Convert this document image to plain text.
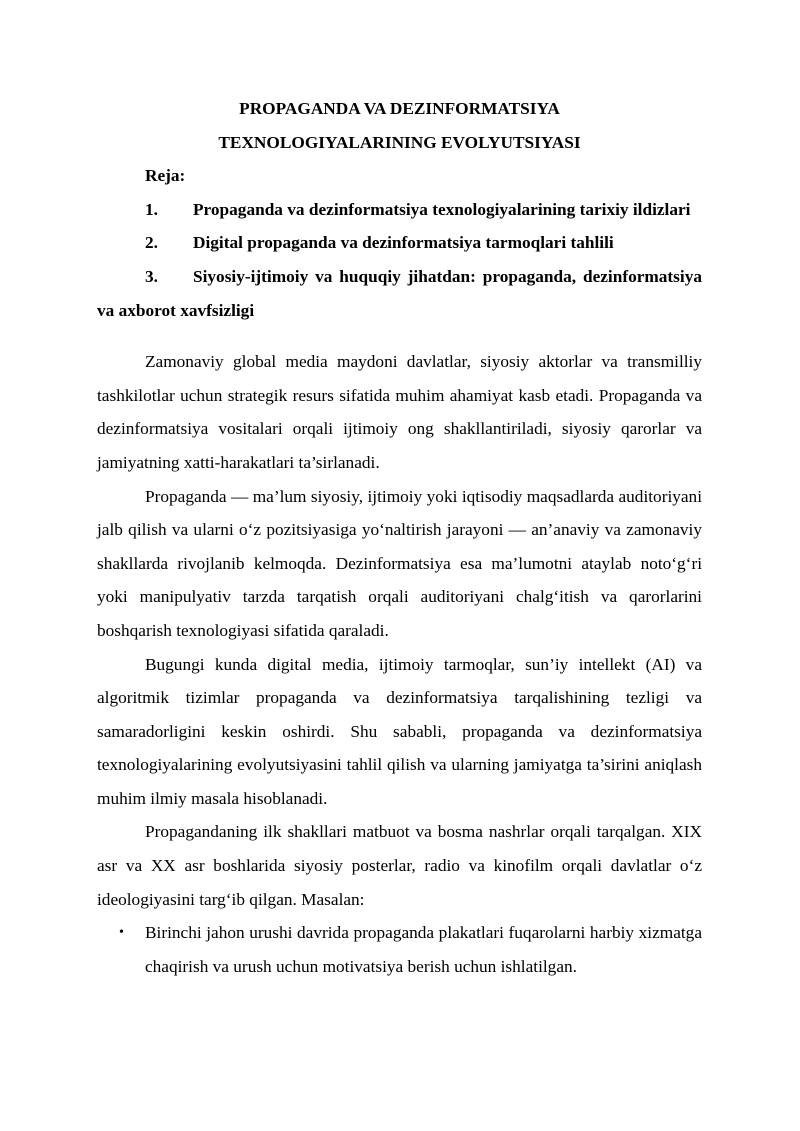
PROPAGANDA VA DEZINFORMATSIYA
TEXNOLOGIYALARINING EVOLYUTSIYASI

Reja:

1. Propaganda va dezinformatsiya texnologiyalarining tarixiy ildizlari

2. Digital propaganda va dezinformatsiya tarmoqlari tahlili

3. Siyosiy-ijtimoiy va huquqiy jihatdan: propaganda, dezinformatsiya va axborot xavfsizligi

Zamonaviy global media maydoni davlatlar, siyosiy aktorlar va transmilliy tashkilotlar uchun strategik resurs sifatida muhim ahamiyat kasb etadi. Propaganda va dezinformatsiya vositalari orqali ijtimoiy ong shakllantiriladi, siyosiy qarorlar va jamiyatning xatti-harakatlari ta’sirlanadi.

Propaganda — ma’lum siyosiy, ijtimoiy yoki iqtisodiy maqsadlarda auditoriyani jalb qilish va ularni o‘z pozitsiyasiga yo‘naltirish jarayoni — an’anaviy va zamonaviy shakllarda rivojlanib kelmoqda. Dezinformatsiya esa ma’lumotni ataylab noto‘g‘ri yoki manipulyativ tarzda tarqatish orqali auditoriyani chalg‘itish va qarorlarini boshqarish texnologiyasi sifatida qaraladi.

Bugungi kunda digital media, ijtimoiy tarmoqlar, sun’iy intellekt (AI) va algoritmik tizimlar propaganda va dezinformatsiya tarqalishining tezligi va samaradorligini keskin oshirdi. Shu sababli, propaganda va dezinformatsiya texnologiyalarining evolyutsiyasini tahlil qilish va ularning jamiyatga ta’sirini aniqlash muhim ilmiy masala hisoblanadi.

Propagandaning ilk shakllari matbuot va bosma nashrlar orqali tarqalgan. XIX asr va XX asr boshlarida siyosiy posterlar, radio va kinofilm orqali davlatlar o‘z ideologiyasini targ‘ib qilgan. Masalan:

• Birinchi jahon urushi davrida propaganda plakatlari fuqarolarni harbiy xizmatga chaqirish va urush uchun motivatsiya berish uchun ishlatilgan.
